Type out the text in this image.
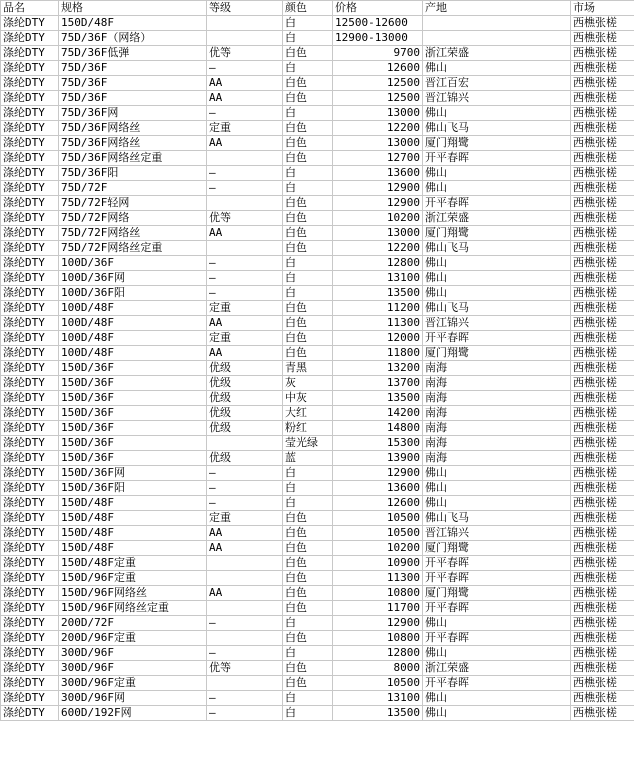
品名	规格	等级	颜色	价格	产地	市场
涤纶DTY	150D/48F		白	12500-12600		西樵张槎
涤纶DTY	75D/36F（网络）		白	12900-13000		西樵张槎
涤纶DTY	75D/36F低弹	优等	白色	9700	浙江荣盛	西樵张槎
涤纶DTY	75D/36F	—	白	12600	佛山	西樵张槎
涤纶DTY	75D/36F	AA	白色	12500	晋江百宏	西樵张槎
涤纶DTY	75D/36F	AA	白色	12500	晋江锦兴	西樵张槎
涤纶DTY	75D/36F网	—	白	13000	佛山	西樵张槎
涤纶DTY	75D/36F网络丝	定重	白色	12200	佛山飞马	西樵张槎
涤纶DTY	75D/36F网络丝	AA	白色	13000	厦门翔鹭	西樵张槎
涤纶DTY	75D/36F网络丝定重		白色	12700	开平春晖	西樵张槎
涤纶DTY	75D/36F阳	—	白	13600	佛山	西樵张槎
涤纶DTY	75D/72F	—	白	12900	佛山	西樵张槎
涤纶DTY	75D/72F轻网		白色	12900	开平春晖	西樵张槎
涤纶DTY	75D/72F网络	优等	白色	10200	浙江荣盛	西樵张槎
涤纶DTY	75D/72F网络丝	AA	白色	13000	厦门翔鹭	西樵张槎
涤纶DTY	75D/72F网络丝定重		白色	12200	佛山飞马	西樵张槎
涤纶DTY	100D/36F	—	白	12800	佛山	西樵张槎
涤纶DTY	100D/36F网	—	白	13100	佛山	西樵张槎
涤纶DTY	100D/36F阳	—	白	13500	佛山	西樵张槎
涤纶DTY	100D/48F	定重	白色	11200	佛山飞马	西樵张槎
涤纶DTY	100D/48F	AA	白色	11300	晋江锦兴	西樵张槎
涤纶DTY	100D/48F	定重	白色	12000	开平春晖	西樵张槎
涤纶DTY	100D/48F	AA	白色	11800	厦门翔鹭	西樵张槎
涤纶DTY	150D/36F	优级	青黑	13200	南海	西樵张槎
涤纶DTY	150D/36F	优级	灰	13700	南海	西樵张槎
涤纶DTY	150D/36F	优级	中灰	13500	南海	西樵张槎
涤纶DTY	150D/36F	优级	大红	14200	南海	西樵张槎
涤纶DTY	150D/36F	优级	粉红	14800	南海	西樵张槎
涤纶DTY	150D/36F		莹光绿	15300	南海	西樵张槎
涤纶DTY	150D/36F	优级	蓝	13900	南海	西樵张槎
涤纶DTY	150D/36F网	—	白	12900	佛山	西樵张槎
涤纶DTY	150D/36F阳	—	白	13600	佛山	西樵张槎
涤纶DTY	150D/48F	—	白	12600	佛山	西樵张槎
涤纶DTY	150D/48F	定重	白色	10500	佛山飞马	西樵张槎
涤纶DTY	150D/48F	AA	白色	10500	晋江锦兴	西樵张槎
涤纶DTY	150D/48F	AA	白色	10200	厦门翔鹭	西樵张槎
涤纶DTY	150D/48F定重		白色	10900	开平春晖	西樵张槎
涤纶DTY	150D/96F定重		白色	11300	开平春晖	西樵张槎
涤纶DTY	150D/96F网络丝	AA	白色	10800	厦门翔鹭	西樵张槎
涤纶DTY	150D/96F网络丝定重		白色	11700	开平春晖	西樵张槎
涤纶DTY	200D/72F	—	白	12900	佛山	西樵张槎
涤纶DTY	200D/96F定重		白色	10800	开平春晖	西樵张槎
涤纶DTY	300D/96F	—	白	12800	佛山	西樵张槎
涤纶DTY	300D/96F	优等	白色	8000	浙江荣盛	西樵张槎
涤纶DTY	300D/96F定重		白色	10500	开平春晖	西樵张槎
涤纶DTY	300D/96F网	—	白	13100	佛山	西樵张槎
涤纶DTY	600D/192F网	—	白	13500	佛山	西樵张槎
